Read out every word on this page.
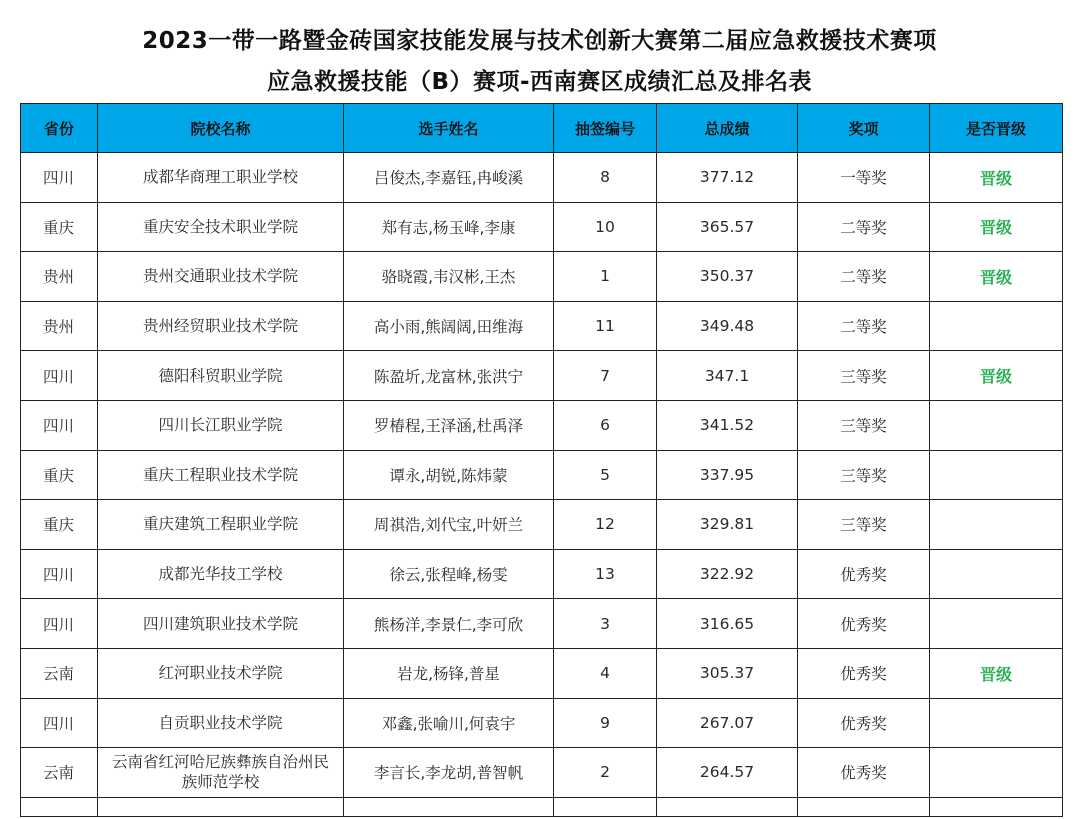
2023一带一路暨金砖国家技能发展与技术创新大赛第二届应急救援技术赛项
应急救援技能（B）赛项-西南赛区成绩汇总及排名表
省份	院校名称	选手姓名	抽签编号	总成绩	奖项	是否晋级
四川	成都华商理工职业学校	吕俊杰,李嘉钰,冉峻溪	8	377.12	一等奖	晋级
重庆	重庆安全技术职业学院	郑有志,杨玉峰,李康	10	365.57	二等奖	晋级
贵州	贵州交通职业技术学院	骆晓霞,韦汉彬,王杰	1	350.37	二等奖	晋级
贵州	贵州经贸职业技术学院	高小雨,熊阔阔,田维海	11	349.48	二等奖	
四川	德阳科贸职业学院	陈盈圻,龙富林,张洪宁	7	347.1	三等奖	晋级
四川	四川长江职业学院	罗椿程,王泽涵,杜禹泽	6	341.52	三等奖	
重庆	重庆工程职业技术学院	谭永,胡锐,陈炜蒙	5	337.95	三等奖	
重庆	重庆建筑工程职业学院	周祺浩,刘代宝,叶妍兰	12	329.81	三等奖	
四川	成都光华技工学校	徐云,张程峰,杨雯	13	322.92	优秀奖	
四川	四川建筑职业技术学院	熊杨洋,李景仁,李可欣	3	316.65	优秀奖	
云南	红河职业技术学院	岩龙,杨锋,普星	4	305.37	优秀奖	晋级
四川	自贡职业技术学院	邓鑫,张喻川,何袁宇	9	267.07	优秀奖	
云南	云南省红河哈尼族彝族自治州民族师范学校	李言长,李龙胡,普智帆	2	264.57	优秀奖	
